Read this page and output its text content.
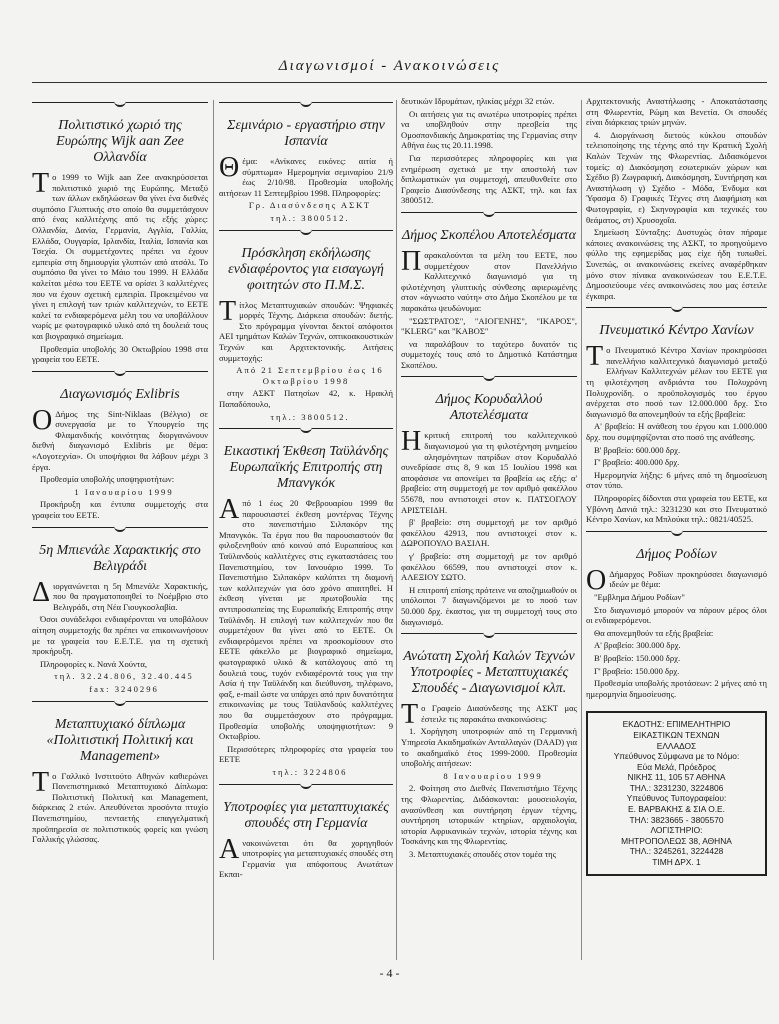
Διαγωνισμοί - Ανακοινώσεις
Πολιτιστικό χωριό της Ευρώπης Wijk aan Zee Ολλανδία

Το 1999 το Wijk aan Zee ανακηρύσσεται πολιτιστικό χωριό της Ευρώπης. Μεταξύ των άλλων εκδηλώσεων θα γίνει ένα διεθνές συμπόσιο Γλυπτικής στο οποίο θα συμμετάσχουν από ένας καλλιτέχνης από τις εξής χώρες: Ολλανδία, Δανία, Γερμανία, Αγγλία, Γαλλία, Ελλάδα, Ουγγαρία, Ιρλανδία, Ιταλία, Ισπανία και Τσεχία. Οι συμμετέχοντες πρέπει να έχουν εμπειρία στη δημιουργία γλυπτών από ατσάλι. Το συμπόσιο θα γίνει το Μάιο του 1999. Η Ελλάδα καλείται μέσω του ΕΕΤΕ να ορίσει 3 καλλιτέχνες που να έχουν σχετική εμπειρία. Προκειμένου να γίνει η επιλογή των τριών καλλιτεχνών, το ΕΕΤΕ καλεί τα ενδιαφερόμενα μέλη του να υποβάλλουν νωρίς με φωτογραφικό υλικό από τη δουλειά τους και βιογραφικό σημείωμα.

Προθεσμία υποβολής 30 Οκτωβρίου 1998 στα γραφεία του ΕΕΤΕ.

Διαγωνισμός Exlibris

ΟΔήμος της Sint-Niklaas (Βέλγιο) σε συνεργασία με το Υπουργείο της Φλαμανδικής κοινότητας διοργανώνουν διεθνή διαγωνισμό Exlibris με θέμα: «Λογοτεχνία». Οι υποψήφιοι θα λάβουν μέχρι 3 έργα.

Προθεσμία υποβολής υποψηφιοτήτων:

1 Ιανουαρίου 1999

Προκήρυξη και έντυπα συμμετοχής στα γραφεία του ΕΕΤΕ.

5η Μπιενάλε Χαρακτικής στο Βελιγράδι

Διοργανώνεται η 5η Μπιενάλε Χαρακτικής, που θα πραγματοποιηθεί το Νοέμβριο στο Βελιγράδι, στη Νέα Γιουγκοσλαβία.

Όσοι συνάδελφοι ενδιαφέρονται να υποβάλουν αίτηση συμμετοχής θα πρέπει να επικοινωνήσουν με τα γραφεία του Ε.Ε.Τ.Ε. για τη σχετική προκήρυξη.

Πληροφορίες κ. Νανά Χούντα,

τηλ. 32.24.806, 32.40.445

fax: 3240296

Μεταπτυχιακό δίπλωμα «Πολιτιστική Πολιτική και Management»

Το Γαλλικό Ινστιτούτο Αθηνών καθιερώνει Πανεπιστημιακό Μεταπτυχιακό Δίπλωμα: Πολιτιστική Πολιτική και Management, διάρκειας 2 ετών. Απευθύνεται προσόντα πτυχίο Πανεπιστημίου, πενταετής επαγγελματική προϋπηρεσία σε πολιτιστικούς φορείς και γνώση Γαλλικής γλώσσας.

Σεμινάριο - εργαστήριο στην Ισπανία

Θέμα: «Ανίκανες εικόνες: αιτία ή σύμπτωμα» Ημερομηνία σεμιναρίου 21/9 έως 2/10/98. Προθεσμία υποβολής αιτήσεων 11 Σεπτεμβρίου 1998. Πληροφορίες:

Γρ. Διασύνδεσης ΑΣΚΤ

τηλ.: 3800512.

Πρόσκληση εκδήλωσης ενδιαφέροντος για εισαγωγή φοιτητών στο Π.Μ.Σ.

Τίτλος Μεταπτυχιακών σπουδών: Ψηφιακές μορφές Τέχνης. Διάρκεια σπουδών: διετής. Στο πρόγραμμα γίνονται δεκτοί απόφοιτοι ΑΕΙ τμημάτων Καλών Τεχνών, οπτικοακουστικών Τεχνών και Αρχιτεκτονικής. Αιτήσεις συμμετοχής:

Από 21 Σεπτεμβρίου έως 16 Οκτωβρίου 1998

στην ΑΣΚΤ Πατησίων 42, κ. Ηρακλή Παπαδόπουλο,

τηλ.: 3800512.

Εικαστική Έκθεση Ταϋλάνδης Ευρωπαϊκής Επιτροπής στη Μπανγκόκ

Από 1 έως 20 Φεβρουαρίου 1999 θα παρουσιαστεί έκθεση μοντέρνας Τέχνης στο πανεπιστήμιο Σιλπακόρν της Μπανγκόκ. Τα έργα που θα παρουσιαστούν θα φιλοξενηθούν από κοινού από Ευρωπαίους και Ταϋλανδούς καλλιτέχνες στις εγκαταστάσεις του Πανεπιστημίου, τον Ιανουάριο 1999. Το Πανεπιστήμιο Σιλπακόρν καλύπτει τη διαμονή των καλλιτεχνών για όσο χρόνο απαιτηθεί. Η έκθεση γίνεται με πρωτοβουλία της αντιπροσωπείας της Ευρωπαϊκής Επιτροπής στην Ταϋλάνδη. Η επιλογή των καλλιτεχνών που θα συμμετέχουν θα γίνει από το ΕΕΤΕ. Οι ενδιαφερόμενοι πρέπει να προσκομίσουν στο ΕΕΤΕ φάκελλο με βιογραφικό σημείωμα, φωτογραφικό υλικό & κατάλογους από τη δουλειά τους, τυχόν ενδιαφέροντά τους για την Ασία ή την Ταϋλάνδη και διεύθυνση, τηλέφωνο, φαξ, e-mail ώστε να υπάρχει από πριν δυνατότητα επικοινωνίας με τους Ταϋλανδούς καλλιτέχνες που θα συμμετάσχουν στο πρόγραμμα. Προθεσμία υποβολής υποψηφιοτήτων: 9 Οκτωβρίου.

Περισσότερες πληροφορίες στα γραφεία του ΕΕΤΕ

τηλ.: 3224806

Υποτροφίες για μεταπτυχιακές σπουδές στη Γερμανία

Ανακοινώνεται ότι θα χορηγηθούν υποτροφίες για μεταπτυχιακές σπουδές στη Γερμανία για απόφοιτους Ανωτάτων Εκπαι-

δευτικών Ιδρυμάτων, ηλικίας μέχρι 32 ετών.

Οι αιτήσεις για τις ανωτέρω υποτροφίες πρέπει να υποβληθούν στην πρεσβεία της Ομοσπονδιακής Δημοκρατίας της Γερμανίας στην Αθήνα έως τις 20.11.1998.

Για περισσότερες πληροφορίες και για ενημέρωση σχετικά με την αποστολή των διπλωματικών για συμμετοχή, απευθυνθείτε στο Γραφείο Διασύνδεσης της ΑΣΚΤ, τηλ. και fax 3800512.

Δήμος Σκοπέλου Αποτελέσματα

Παρακαλούνται τα μέλη του ΕΕΤΕ, που συμμετέχουν στον Πανελλήνιο Καλλιτεχνικό διαγωνισμό για τη φιλοτέχνηση γλυπτικής σύνθεσης αφιερωμένης στον «άγνωστο ναύτη» στο Δήμο Σκοπέλου με τα παρακάτω ψευδώνυμα:

"ΣΩΣΤΡΑΤΟΣ", "ΑΙΟΓΕΝΗΣ", "ΙΚΑΡΟΣ", "KLERG" και "ΚΑΒΟΣ"

να παραλάβουν το ταχύτερο δυνατόν τις συμμετοχές τους από το Δημοτικό Κατάστημα Σκοπέλου.

Δήμος Κορυδαλλού Αποτελέσματα

Ηκριτική επιτροπή του καλλιτεχνικού διαγωνισμού για τη φιλοτέχνηση μνημείου αλησμόνητων πατρίδων στον Κορυδαλλό συνεδρίασε στις 8, 9 και 15 Ιουλίου 1998 και αποφάσισε να απονείμει τα βραβεία ως εξής: α' βραβείο: στη συμμετοχή με τον αριθμό φακέλλου 55678, που αντιστοιχεί στον κ. ΠΑΤΣΟΓΛΟΥ ΑΡΙΣΤΕΙΔΗ.

β' βραβείο: στη συμμετοχή με τον αριθμό φακέλλου 42913, που αντιστοιχεί στον κ. ΔΩΡΟΠΟΥΛΟ ΒΑΣΙΛΗ.

γ' βραβείο: στη συμμετοχή με τον αριθμό φακέλλου 66599, που αντιστοιχεί στον κ. ΑΛΕΞΙΟΥ ΣΩΤΟ.

Η επιτροπή επίσης πρότεινε να αποζημιωθούν οι υπόλοιποι 7 διαγωνιζόμενοι με το ποσό των 50.000 δρχ. έκαστος, για τη συμμετοχή τους στο διαγωνισμό.

Ανώτατη Σχολή Καλών Τεχνών Υποτροφίες - Μεταπτυχιακές Σπουδές - Διαγωνισμοί κλπ.

Το Γραφείο Διασύνδεσης της ΑΣΚΤ μας έστειλε τις παρακάτω ανακοινώσεις:

1. Χορήγηση υποτροφιών από τη Γερμανική Υπηρεσία Ακαδημαϊκών Ανταλλαγών (DAAD) για το ακαδημαϊκό έτος 1999-2000. Προθεσμία υποβολής αιτήσεων:

8 Ιανουαρίου 1999

2. Φοίτηση στο Διεθνές Πανεπιστήμιο Τέχνης της Φλωρεντίας. Διδάσκονται: μουσειολογία, ανασύνθεση και συντήρηση έργων τέχνης, συντήρηση ιστορικών κτηρίων, αρχαιολογία, ιστορία Αφρικανικών τεχνών, ιστορία τέχνης και Τοσκάνης και της Φλωρεντίας.

3. Μεταπτυχιακές σπουδές στον τομέα της

Αρχιτεκτονικής Αναστήλωσης - Αποκατάστασης στη Φλωρεντία, Ρώμη και Βενετία. Οι σπουδές είναι διάρκειας τριών μηνών.

4. Διοργάνωση διετούς κύκλου σπουδών τελειοποίησης της τέχνης από την Κρατική Σχολή Καλών Τεχνών της Φλωρεντίας. Διδασκόμενοι τομείς: α) Διακόσμηση εσωτερικών χώρων και Σχέδιο β) Ζωγραφική, Διακόσμηση, Συντήρηση και Αναστήλωση γ) Σχέδιο - Μόδα, Ένδυμα και Ύφασμα δ) Γραφικές Τέχνες στη Διαφήμιση και Φωτογραφία, ε) Σκηνογραφία και τεχνικές του θεάματος, στ) Χρυσοχοΐα.

Σημείωση Σύνταξης: Δυστυχώς όταν πήραμε κάποιες ανακοινώσεις της ΑΣΚΤ, το προηγούμενο φύλλο της εφημερίδας μας είχε ήδη τυπωθεί. Συνεπώς, οι ανακοινώσεις εκείνες αναφέρθηκαν μόνο στον πίνακα ανακοινώσεων του Ε.Ε.Τ.Ε. Δημοσιεύουμε νέες ανακοινώσεις που μας έστειλε έγκαιρα.

Πνευματικό Κέντρο Χανίων

Το Πνευματικό Κέντρο Χανίων προκηρύσσει πανελλήνιο καλλιτεχνικό διαγωνισμό μεταξύ Ελλήνων Καλλιτεχνών μέλων του ΕΕΤΕ για τη φιλοτέχνηση ανδριάντα του Πολυχρόνη Πολυχρονίδη. ο προϋπολογισμός του έργου ανέρχεται στο ποσό των 12.000.000 δρχ. Στο διαγωνισμό θα απονεμηθούν τα εξής βραβεία:

Α' βραβείο: Η ανάθεση του έργου και 1.000.000 δρχ. που συμψηφίζονται στο ποσό της ανάθεσης.

Β' βραβείο: 600.000 δρχ.

Γ' βραβείο: 400.000 δρχ.

Ημερομηνία λήξης: 6 μήνες από τη δημοσίευση στον τύπο.

Πληροφορίες δίδονται στα γραφεία του ΕΕΤΕ, κα Υβόννη Δανιά τηλ.: 3231230 και στο Πνευματικό Κέντρο Χανίων, κα Μπλούκα τηλ.: 0821/40525.

Δήμος Ροδίων

ΟΔήμαρχος Ροδίων προκηρύσσει διαγωνισμό ιδεών με θέμα:

"Εμβλημα Δήμου Ροδίων"

Στο διαγωνισμό μπορούν να πάρουν μέρος όλοι οι ενδιαφερόμενοι.

Θα απονεμηθούν τα εξής βραβεία:

Α' βραβείο: 300.000 δρχ.

Β' βραβείο: 150.000 δρχ.

Γ' βραβείο: 150.000 δρχ.

Προθεσμία υποβολής προτάσεων: 2 μήνες από τη ημερομηνία δημοσίευσης.

ΕΚΔΟΤΗΣ: ΕΠΙΜΕΛΗΤΗΡΙΟ
ΕΙΚΑΣΤΙΚΩΝ ΤΕΧΝΩΝ
ΕΛΛΑΔΟΣ
Υπεύθυνος Σύμφωνα με το Νόμο:
Εύα Μελά, Πρόεδρος
ΝΙΚΗΣ 11, 105 57 ΑΘΗΝΑ
ΤΗΛ.: 3231230, 3224806
Υπεύθυνος Τυπογραφείου:
Ε. ΒΑΡΒΑΚΗΣ & ΣΙΑ Ο.Ε.
ΤΗΛ: 3823665 - 3805570
ΛΟΓΙΣΤΗΡΙΟ:
ΜΗΤΡΟΠΟΛΕΩΣ 38, ΑΘΗΝΑ
ΤΗΛ.: 3245261, 3224428
ΤΙΜΗ ΔΡΧ. 1
- 4 -
